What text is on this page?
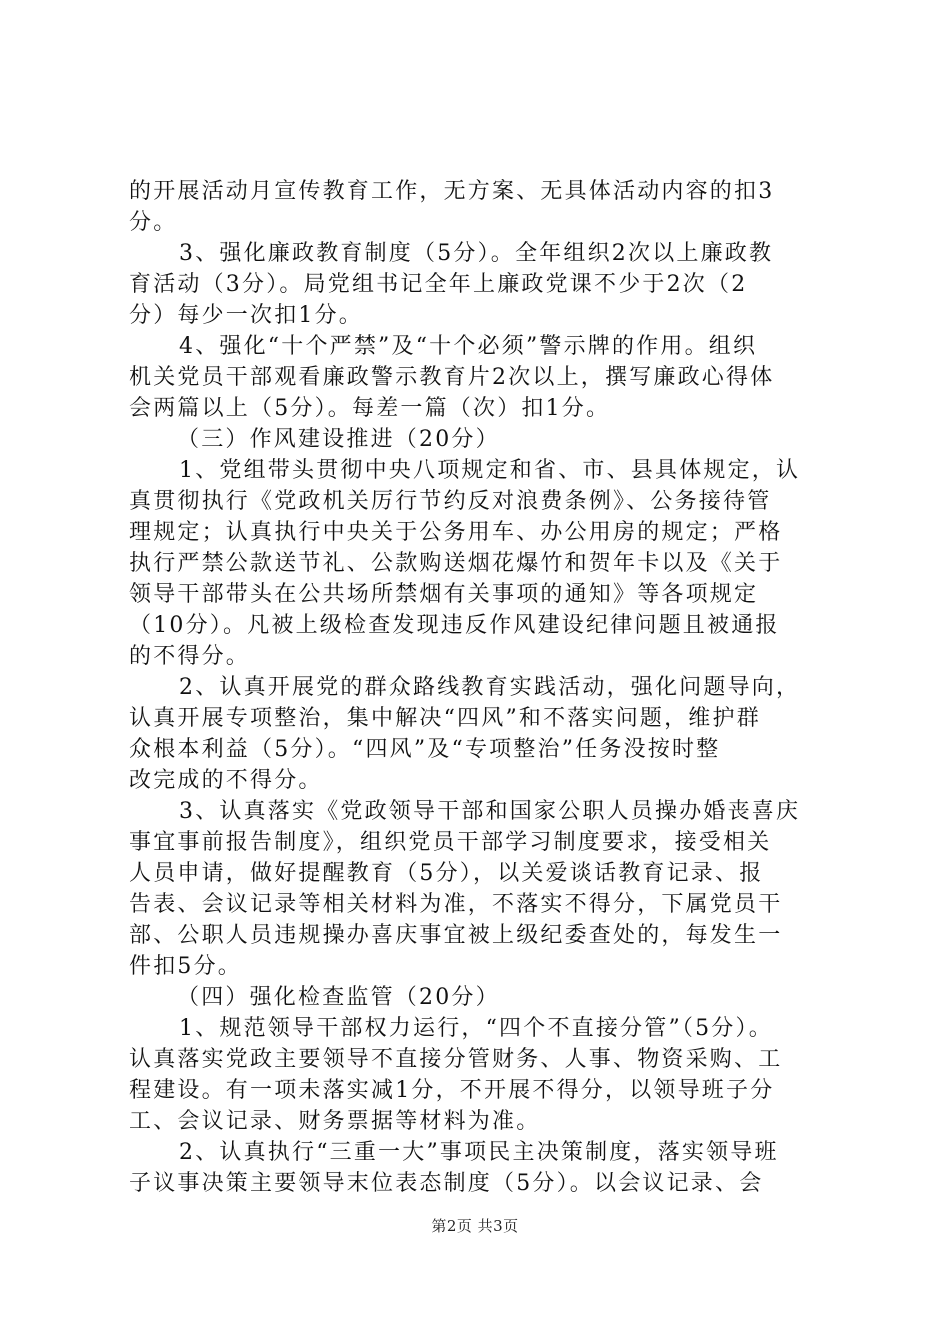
的开展活动月宣传教育工作，无方案、无具体活动内容的扣3
分。
3、强化廉政教育制度（5分）。全年组织2次以上廉政教
育活动（3分）。局党组书记全年上廉政党课不少于2次（2
分）每少一次扣1分。
4、强化“十个严禁”及“十个必须”警示牌的作用。组织
机关党员干部观看廉政警示教育片2次以上，撰写廉政心得体
会两篇以上（5分）。每差一篇（次）扣1分。
（三）作风建设推进（20分）
1、党组带头贯彻中央八项规定和省、市、县具体规定，认
真贯彻执行《党政机关厉行节约反对浪费条例》、公务接待管
理规定；认真执行中央关于公务用车、办公用房的规定；严格
执行严禁公款送节礼、公款购送烟花爆竹和贺年卡以及《关于
领导干部带头在公共场所禁烟有关事项的通知》等各项规定
（10分）。凡被上级检查发现违反作风建设纪律问题且被通报
的不得分。
2、认真开展党的群众路线教育实践活动，强化问题导向，
认真开展专项整治，集中解决“四风”和不落实问题，维护群
众根本利益（5分）。“四风”及“专项整治”任务没按时整
改完成的不得分。
3、认真落实《党政领导干部和国家公职人员操办婚丧喜庆
事宜事前报告制度》，组织党员干部学习制度要求，接受相关
人员申请，做好提醒教育（5分），以关爱谈话教育记录、报
告表、会议记录等相关材料为准，不落实不得分，下属党员干
部、公职人员违规操办喜庆事宜被上级纪委查处的，每发生一
件扣5分。
（四）强化检查监管（20分）
1、规范领导干部权力运行，“四个不直接分管”（5分）。
认真落实党政主要领导不直接分管财务、人事、物资采购、工
程建设。有一项未落实减1分，不开展不得分，以领导班子分
工、会议记录、财务票据等材料为准。
2、认真执行“三重一大”事项民主决策制度，落实领导班
子议事决策主要领导末位表态制度（5分）。以会议记录、会
第2页 共3页
